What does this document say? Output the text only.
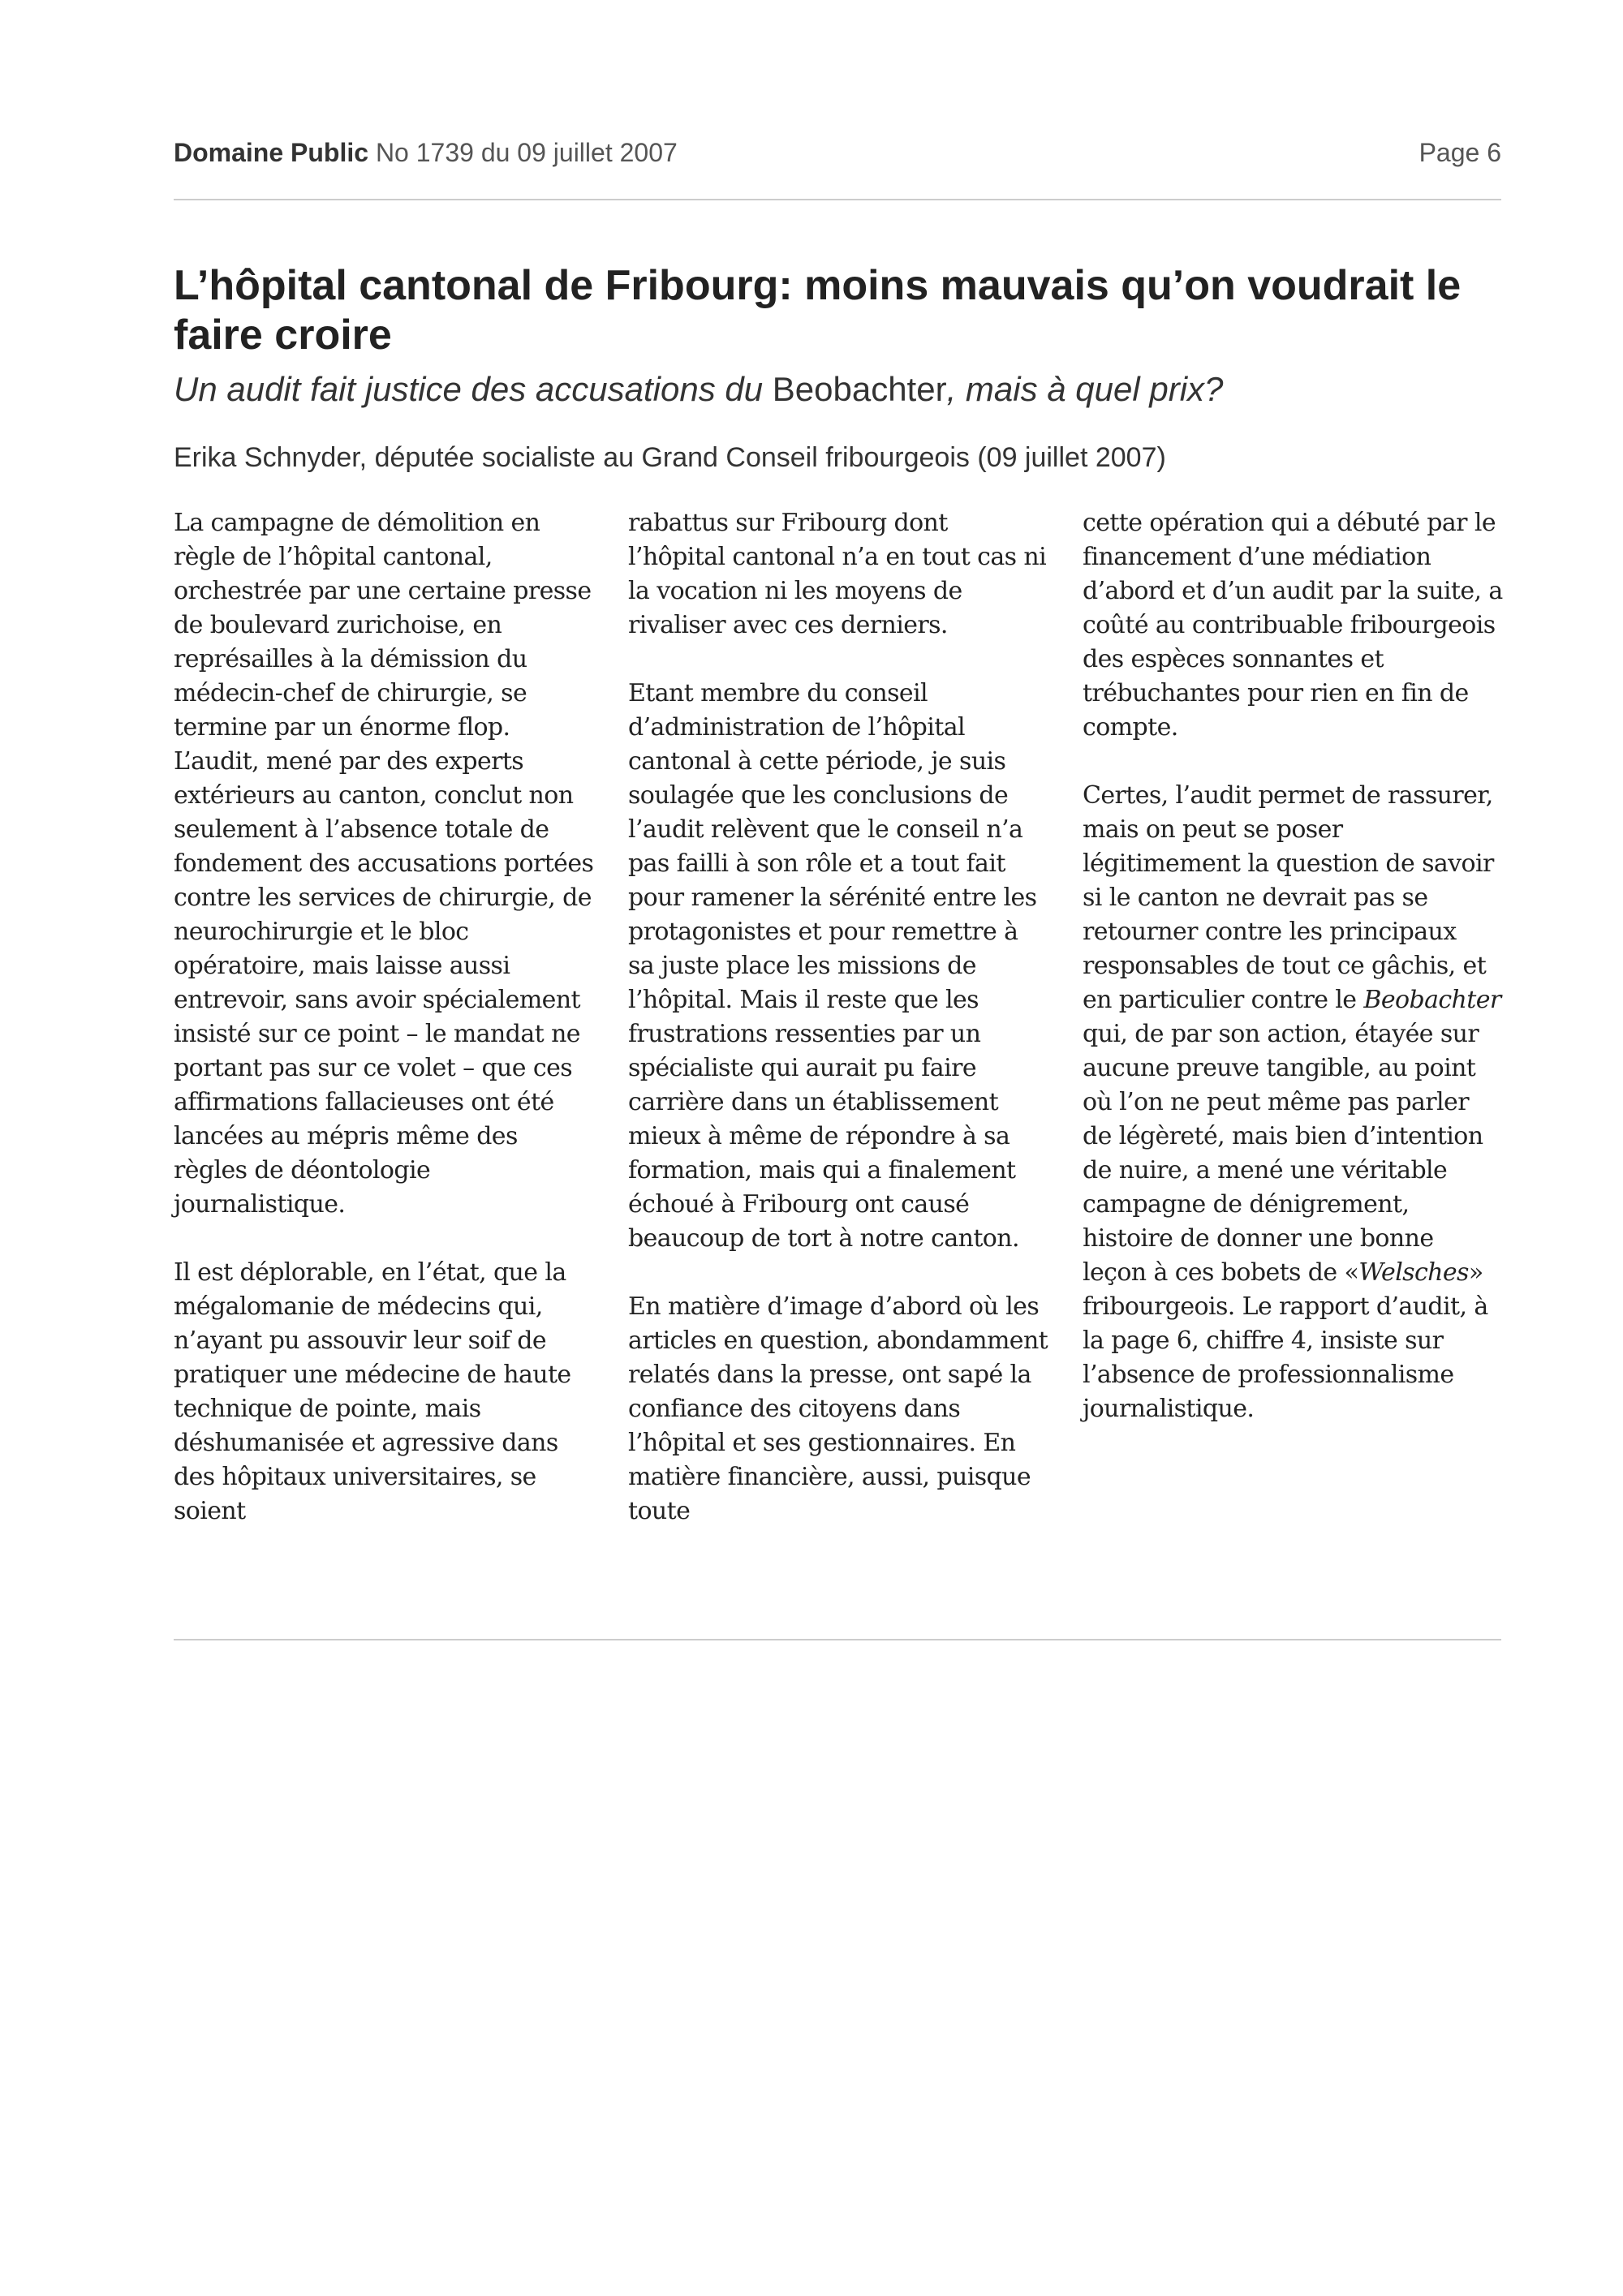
Domaine Public No 1739 du 09 juillet 2007	Page 6
L’hôpital cantonal de Fribourg: moins mauvais qu’on voudrait le faire croire

Un audit fait justice des accusations du Beobachter, mais à quel prix?

Erika Schnyder, députée socialiste au Grand Conseil fribourgeois (09 juillet 2007)

La campagne de démolition en règle de l’hôpital cantonal, orchestrée par une certaine presse de boulevard zurichoise, en représailles à la démission du médecin-chef de chirurgie, se termine par un énorme flop. L’audit, mené par des experts extérieurs au canton, conclut non seulement à l’absence totale de fondement des accusations portées contre les services de chirurgie, de neurochirurgie et le bloc opératoire, mais laisse aussi entrevoir, sans avoir spécialement insisté sur ce point – le mandat ne portant pas sur ce volet – que ces affirmations fallacieuses ont été lancées au mépris même des règles de déontologie journalistique.

Il est déplorable, en l’état, que la mégalomanie de médecins qui, n’ayant pu assouvir leur soif de pratiquer une médecine de haute technique de pointe, mais déshumanisée et agressive dans des hôpitaux universitaires, se soient

rabattus sur Fribourg dont l’hôpital cantonal n’a en tout cas ni la vocation ni les moyens de rivaliser avec ces derniers.

Etant membre du conseil d’administration de l’hôpital cantonal à cette période, je suis soulagée que les conclusions de l’audit relèvent que le conseil n’a pas failli à son rôle et a tout fait pour ramener la sérénité entre les protagonistes et pour remettre à sa juste place les missions de l’hôpital. Mais il reste que les frustrations ressenties par un spécialiste qui aurait pu faire carrière dans un établissement mieux à même de répondre à sa formation, mais qui a finalement échoué à Fribourg ont causé beaucoup de tort à notre canton.

En matière d’image d’abord où les articles en question, abondamment relatés dans la presse, ont sapé la confiance des citoyens dans l’hôpital et ses gestionnaires. En matière financière, aussi, puisque toute

cette opération qui a débuté par le financement d’une médiation d’abord et d’un audit par la suite, a coûté au contribuable fribourgeois des espèces sonnantes et trébuchantes pour rien en fin de compte.

Certes, l’audit permet de rassurer, mais on peut se poser légitimement la question de savoir si le canton ne devrait pas se retourner contre les principaux responsables de tout ce gâchis, et en particulier contre le Beobachter qui, de par son action, étayée sur aucune preuve tangible, au point où l’on ne peut même pas parler de légèreté, mais bien d’intention de nuire, a mené une véritable campagne de dénigrement, histoire de donner une bonne leçon à ces bobets de «Welsches» fribourgeois. Le rapport d’audit, à la page 6, chiffre 4, insiste sur l’absence de professionnalisme journalistique.
